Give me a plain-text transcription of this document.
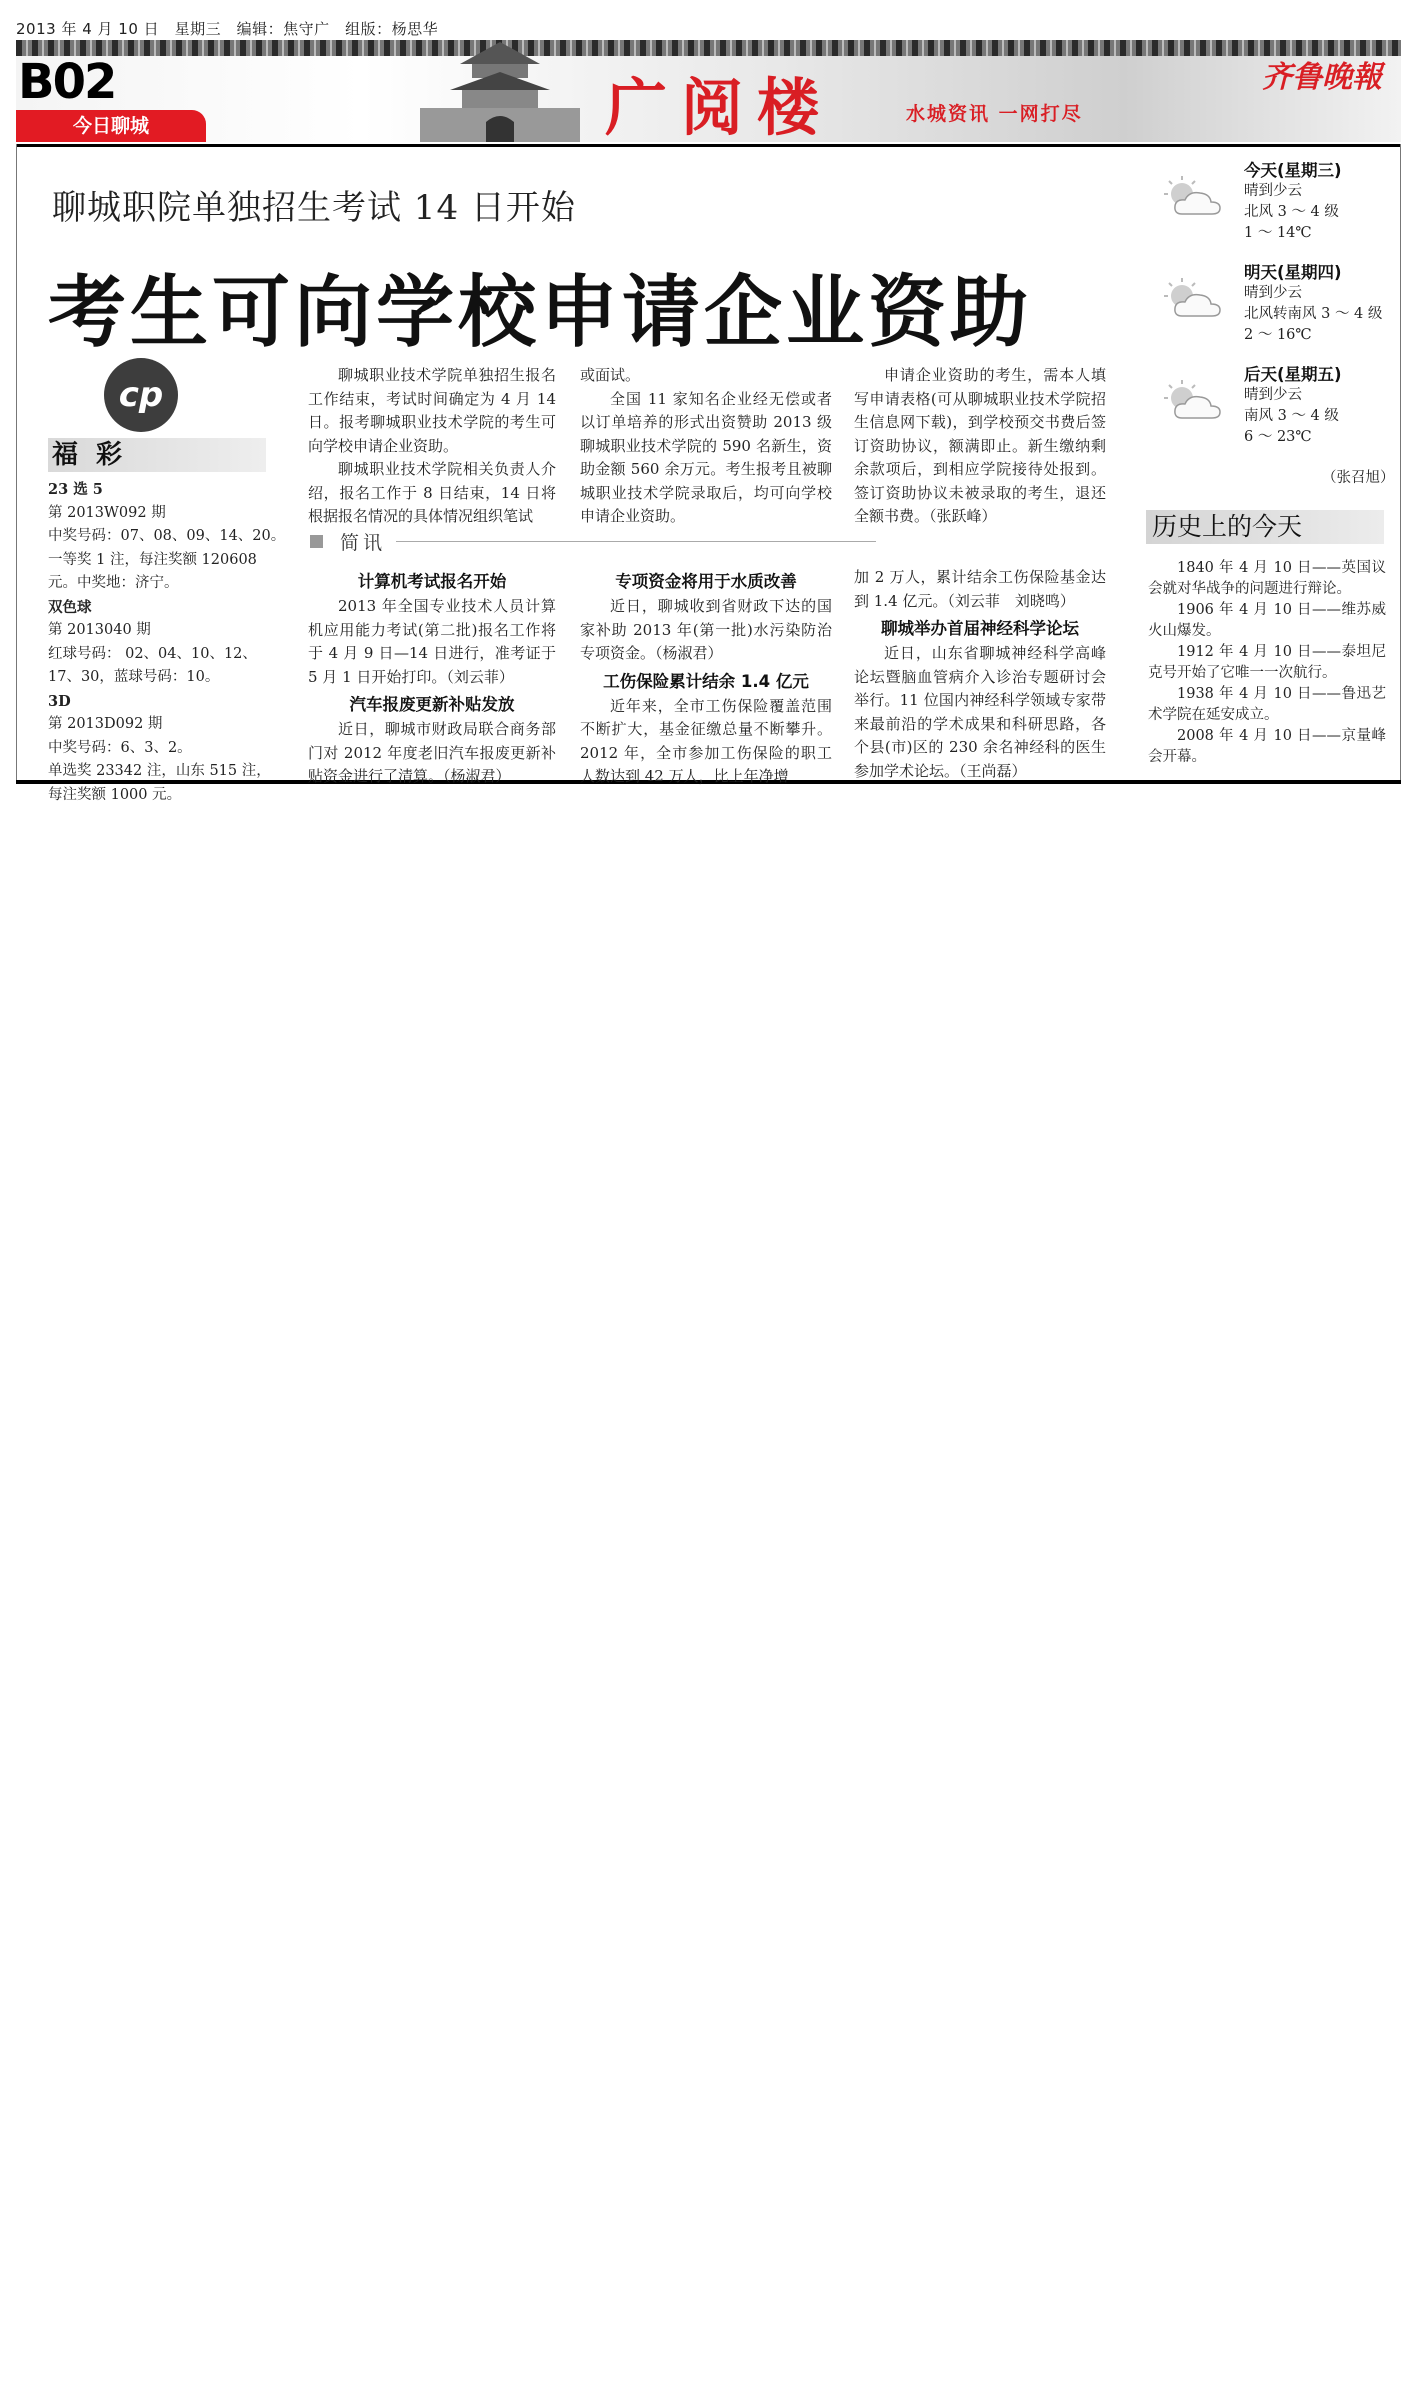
2013 年 4 月 10 日　星期三　编辑：焦守广　组版：杨思华
B02
今日聊城	广阅楼	水城资讯 一网打尽
齐鲁晚報
聊城职院单独招生考试 14 日开始
考生可向学校申请企业资助

聊城职业技术学院单独招生报名工作结束，考试时间确定为 4 月 14 日。报考聊城职业技术学院的考生可向学校申请企业资助。

聊城职业技术学院相关负责人介绍，报名工作于 8 日结束，14 日将根据报名情况的具体情况组织笔试

或面试。

全国 11 家知名企业经无偿或者以订单培养的形式出资赞助 2013 级聊城职业技术学院的 590 名新生，资助金额 560 余万元。考生报考且被聊城职业技术学院录取后，均可向学校申请企业资助。

申请企业资助的考生，需本人填写申请表格(可从聊城职业技术学院招生信息网下载)，到学校预交书费后签订资助协议，额满即止。新生缴纳剩余款项后，到相应学院接待处报到。签订资助协议未被录取的考生，退还全额书费。（张跃峰）

cp
福彩
23 选 5
第 2013W092 期
中奖号码：07、08、09、14、20。
一等奖 1 注，每注奖额 120608
元。中奖地：济宁。
双色球
第 2013040 期
红球号码： 02、04、10、12、
17、30，蓝球号码：10。
3D
第 2013D092 期
中奖号码：6、3、2。
单选奖 23342 注，山东 515 注，
每注奖额 1000 元。
简讯
计算机考试报名开始

2013 年全国专业技术人员计算机应用能力考试(第二批)报名工作将于 4 月 9 日—14 日进行，准考证于 5 月 1 日开始打印。（刘云菲）

汽车报废更新补贴发放

近日，聊城市财政局联合商务部门对 2012 年度老旧汽车报废更新补贴资金进行了清算。（杨淑君）

专项资金将用于水质改善

近日，聊城收到省财政下达的国家补助 2013 年(第一批)水污染防治专项资金。（杨淑君）

工伤保险累计结余 1.4 亿元

近年来，全市工伤保险覆盖范围不断扩大，基金征缴总量不断攀升。2012 年，全市参加工伤保险的职工人数达到 42 万人，比上年净增

加 2 万人，累计结余工伤保险基金达到 1.4 亿元。（刘云菲　刘晓鸣）

聊城举办首届神经科学论坛

近日，山东省聊城神经科学高峰论坛暨脑血管病介入诊治专题研讨会举行。11 位国内神经科学领域专家带来最前沿的学术成果和科研思路，各个县(市)区的 230 余名神经科的医生参加学术论坛。（王尚磊）

今天(星期三)
晴到少云
北风 3 ～ 4 级
1 ～ 14℃
明天(星期四)
晴到少云
北风转南风 3 ～ 4 级
2 ～ 16℃
后天(星期五)
晴到少云
南风 3 ～ 4 级
6 ～ 23℃
（张召旭）
历史上的今天

1840 年 4 月 10 日——英国议会就对华战争的问题进行辩论。

1906 年 4 月 10 日——维苏威火山爆发。

1912 年 4 月 10 日——泰坦尼克号开始了它唯一一次航行。

1938 年 4 月 10 日——鲁迅艺术学院在延安成立。

2008 年 4 月 10 日——京量峰会开幕。
